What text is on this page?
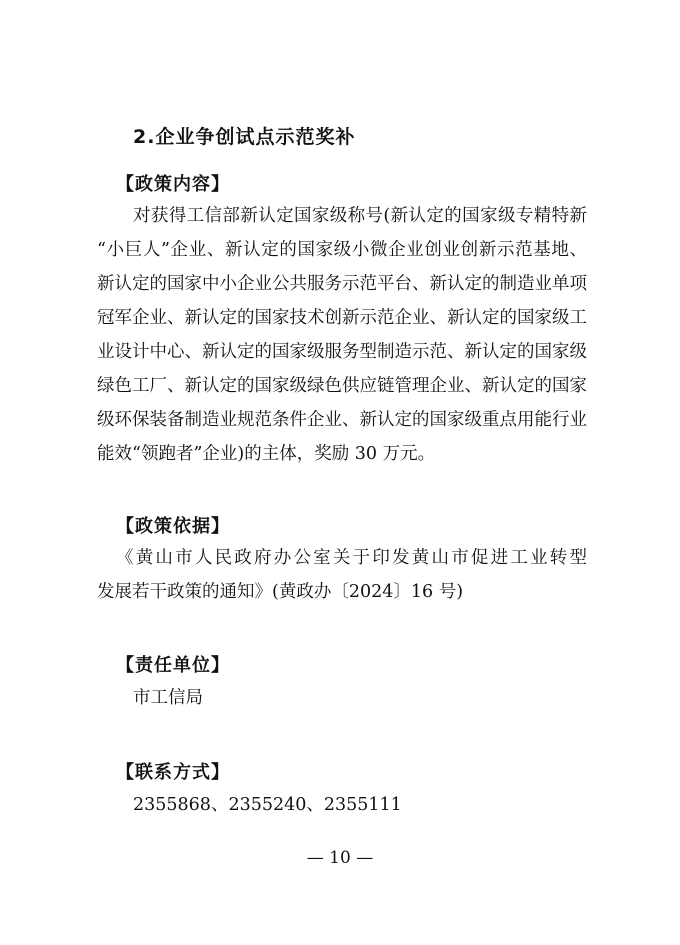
2.企业争创试点示范奖补
【政策内容】
对获得工信部新认定国家级称号(新认定的国家级专精特新
“小巨人”企业、新认定的国家级小微企业创业创新示范基地、
新认定的国家中小企业公共服务示范平台、新认定的制造业单项
冠军企业、新认定的国家技术创新示范企业、新认定的国家级工
业设计中心、新认定的国家级服务型制造示范、新认定的国家级
绿色工厂、新认定的国家级绿色供应链管理企业、新认定的国家
级环保装备制造业规范条件企业、新认定的国家级重点用能行业
能效“领跑者”企业)的主体，奖励 30 万元。
【政策依据】
《黄山市人民政府办公室关于印发黄山市促进工业转型
发展若干政策的通知》(黄政办〔2024〕16 号)
【责任单位】
市工信局
【联系方式】
2355868、2355240、2355111
— 10 —
